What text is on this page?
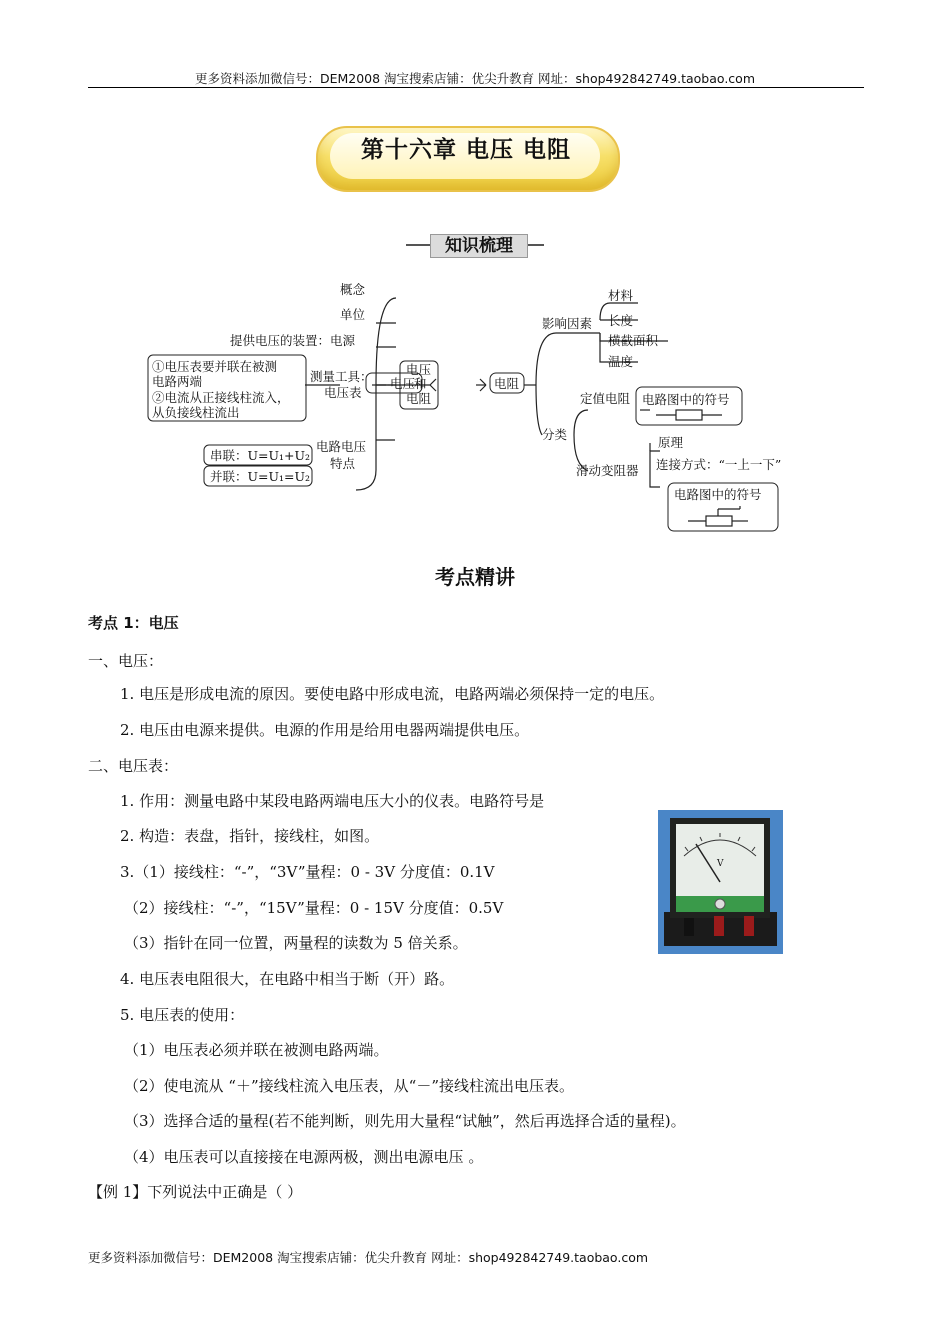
更多资料添加微信号：DEM2008 淘宝搜索店铺：优尖升教育 网址：shop492842749.taobao.com
第十六章 电压 电阻
知识梳理
概念
单位
提供电压的装置：电源
测量工具：
电压表
①电压表要并联在被测
电路两端
②电流从正接线柱流入，
从负接线柱流出
电路电压
特点
串联：U=U₁+U₂
并联：U=U₁=U₂
电压
电压
和
电阻
电阻
影响因素
材料
长度
横截面积
温度
分类
定值电阻 电路图中的符号
滑动变阻器
原理
连接方式：“一上一下”
电路图中的符号
考点精讲
考点 1：电压
一、电压：
1. 电压是形成电流的原因。要使电路中形成电流，电路两端必须保持一定的电压。
2. 电压由电源来提供。电源的作用是给用电器两端提供电压。
二、电压表：
1. 作用：测量电路中某段电路两端电压大小的仪表。电路符号是
2. 构造：表盘，指针，接线柱，如图。
3.（1）接线柱：“-”，“3V”量程：0 - 3V 分度值：0.1V
（2）接线柱：“-”，“15V”量程：0 - 15V 分度值：0.5V
（3）指针在同一位置，两量程的读数为 5 倍关系。
4. 电压表电阻很大，在电路中相当于断（开）路。
5. 电压表的使用：
（1）电压表必须并联在被测电路两端。
（2）使电流从 “＋”接线柱流入电压表，从“－”接线柱流出电压表。
（3）选择合适的量程(若不能判断，则先用大量程“试触”，然后再选择合适的量程)。
（4）电压表可以直接接在电源两极，测出电源电压 。
【例 1】下列说法中正确是（ ）
V
更多资料添加微信号：DEM2008 淘宝搜索店铺：优尖升教育 网址：shop492842749.taobao.com
